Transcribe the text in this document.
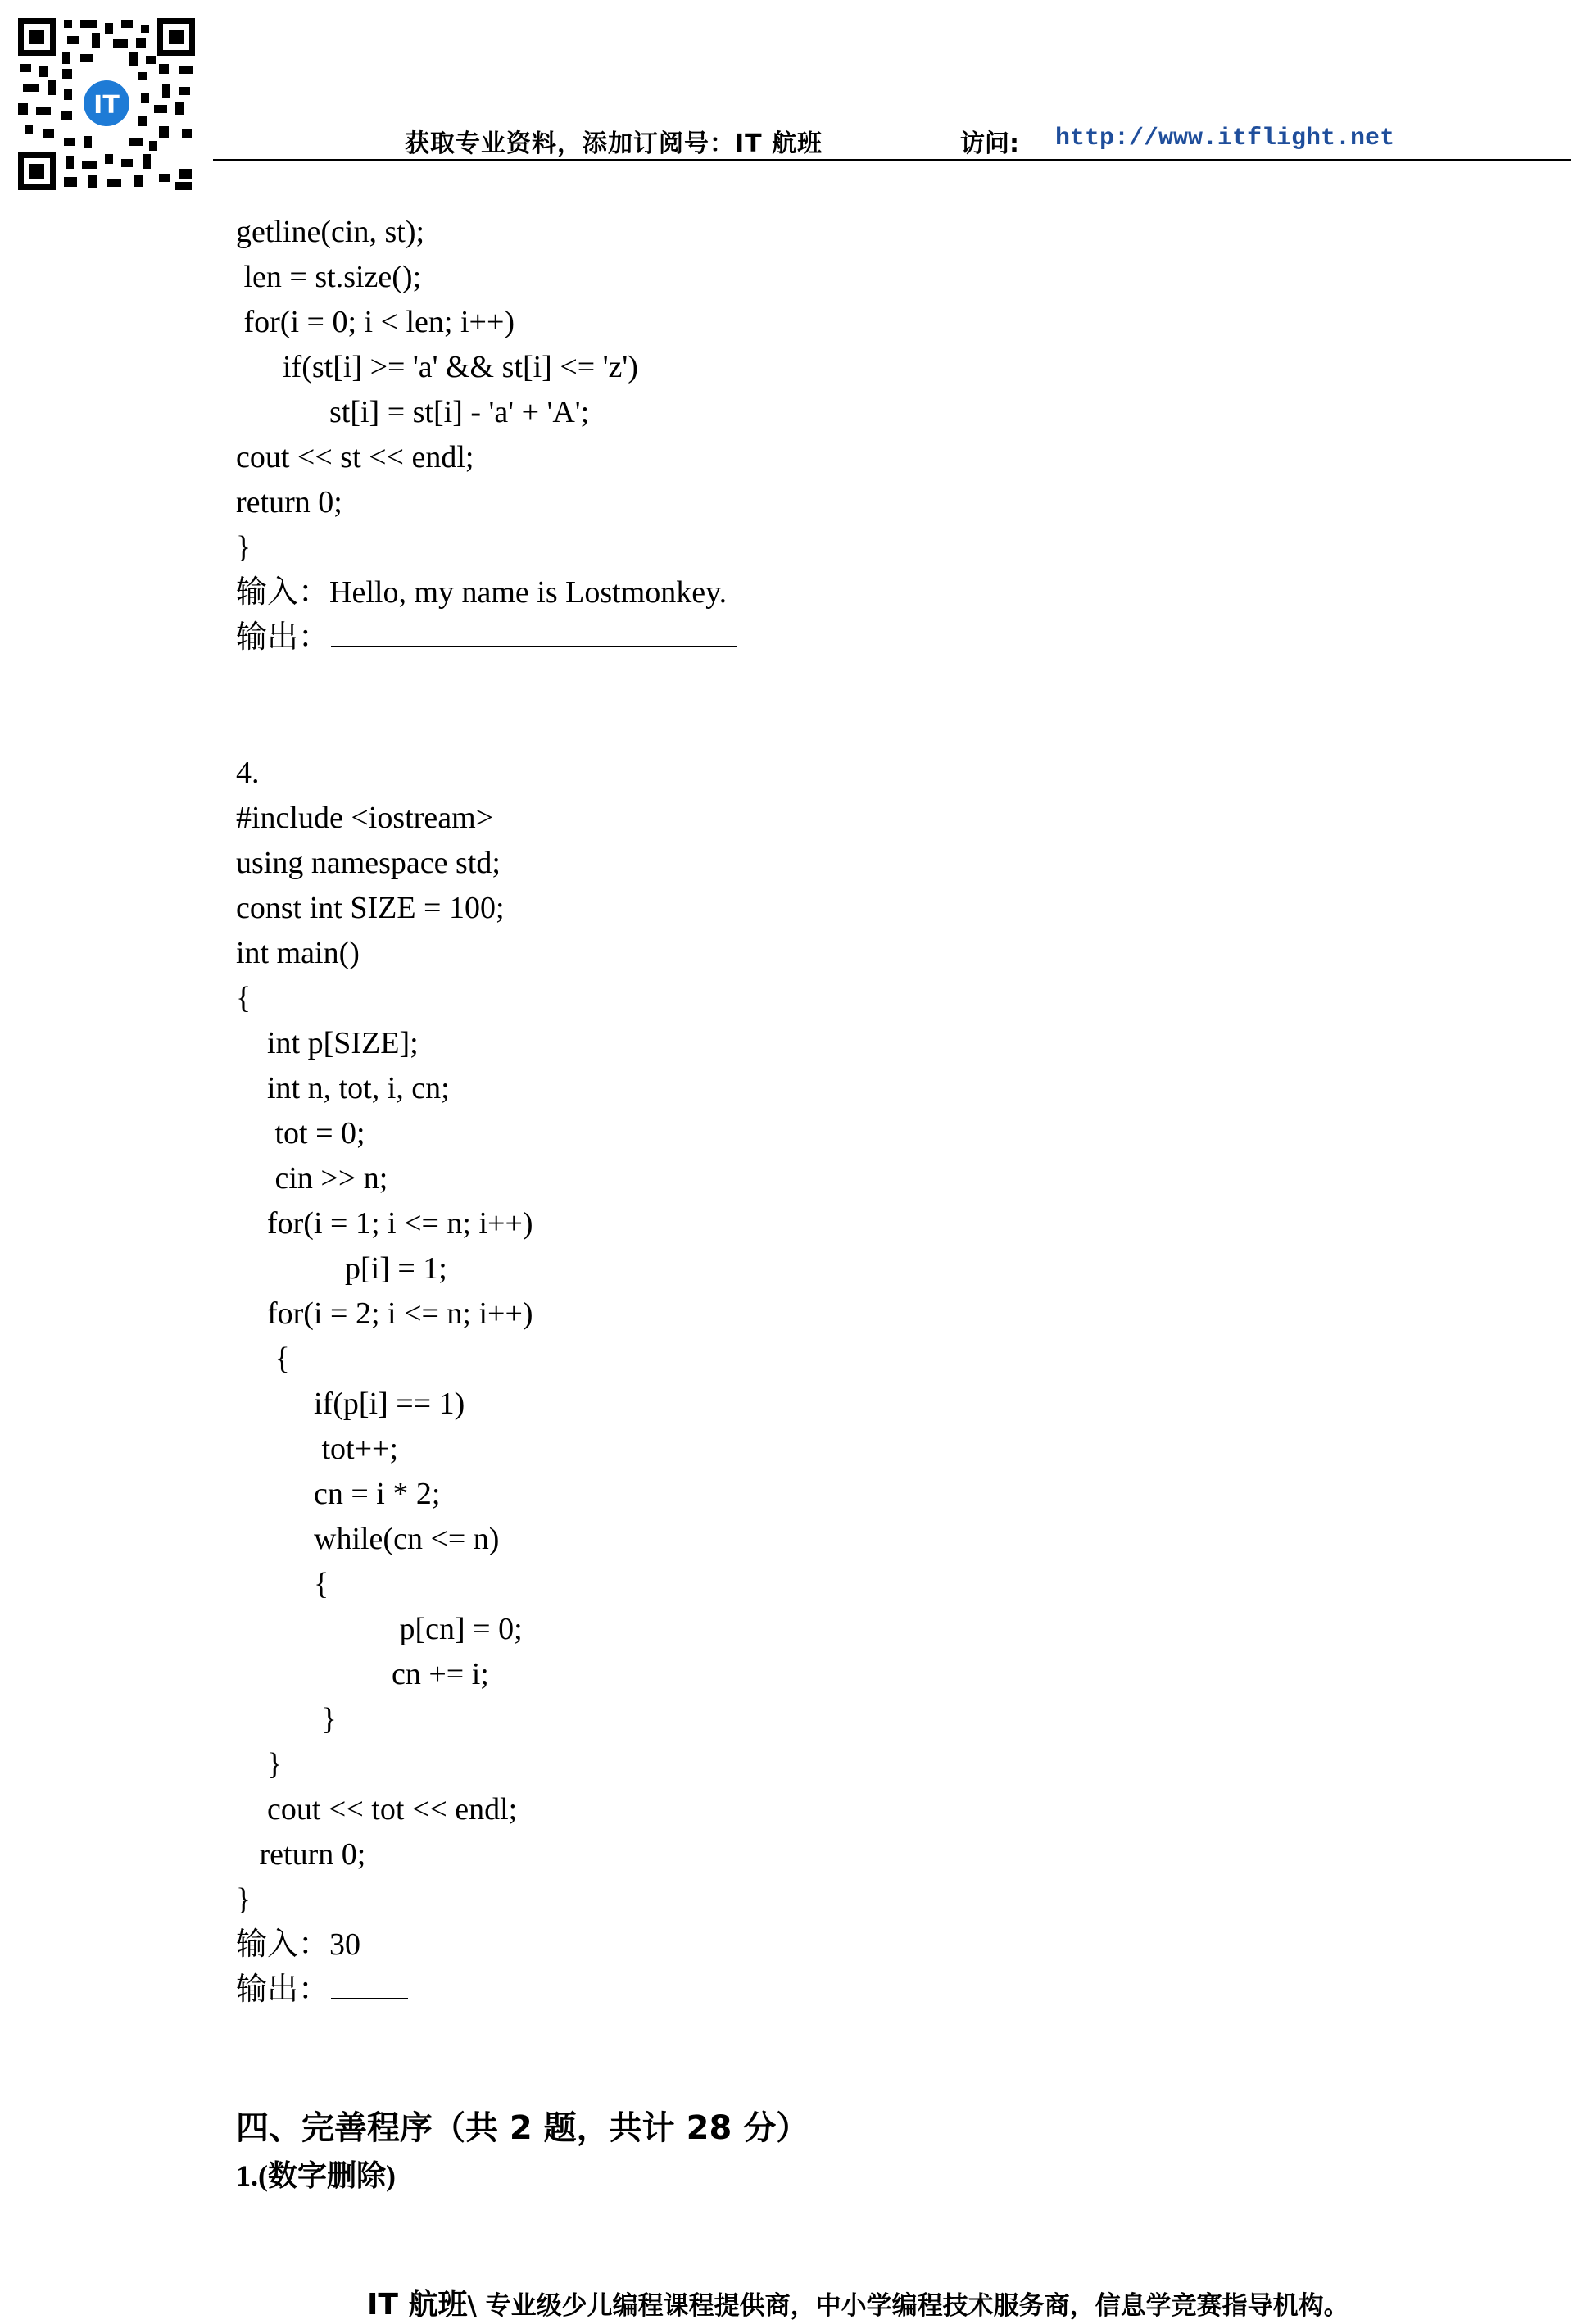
IT
获取专业资料，添加订阅号：IT 航班	访问: http://www.itflight.net
getline(cin, st);
len = st.size();
for(i = 0; i < len; i++)
if(st[i] >= 'a' && st[i] <= 'z')
st[i] = st[i] - 'a' + 'A';
cout << st << endl;
return 0;
}
输入：Hello, my name is Lostmonkey.
输出：
4.
#include <iostream>
using namespace std;
const int SIZE = 100;
int main()
{
int p[SIZE];
int n, tot, i, cn;
tot = 0;
cin >> n;
for(i = 1; i <= n; i++)
p[i] = 1;
for(i = 2; i <= n; i++)
{
if(p[i] == 1)
tot++;
cn = i * 2;
while(cn <= n)
{
p[cn] = 0;
cn += i;
}
}
cout << tot << endl;
return 0;
}
输入：30
输出：
四、完善程序（共 2 题，共计 28 分）
1.(数字删除)
IT 航班\ 专业级少儿编程课程提供商，中小学编程技术服务商，信息学竞赛指导机构。
